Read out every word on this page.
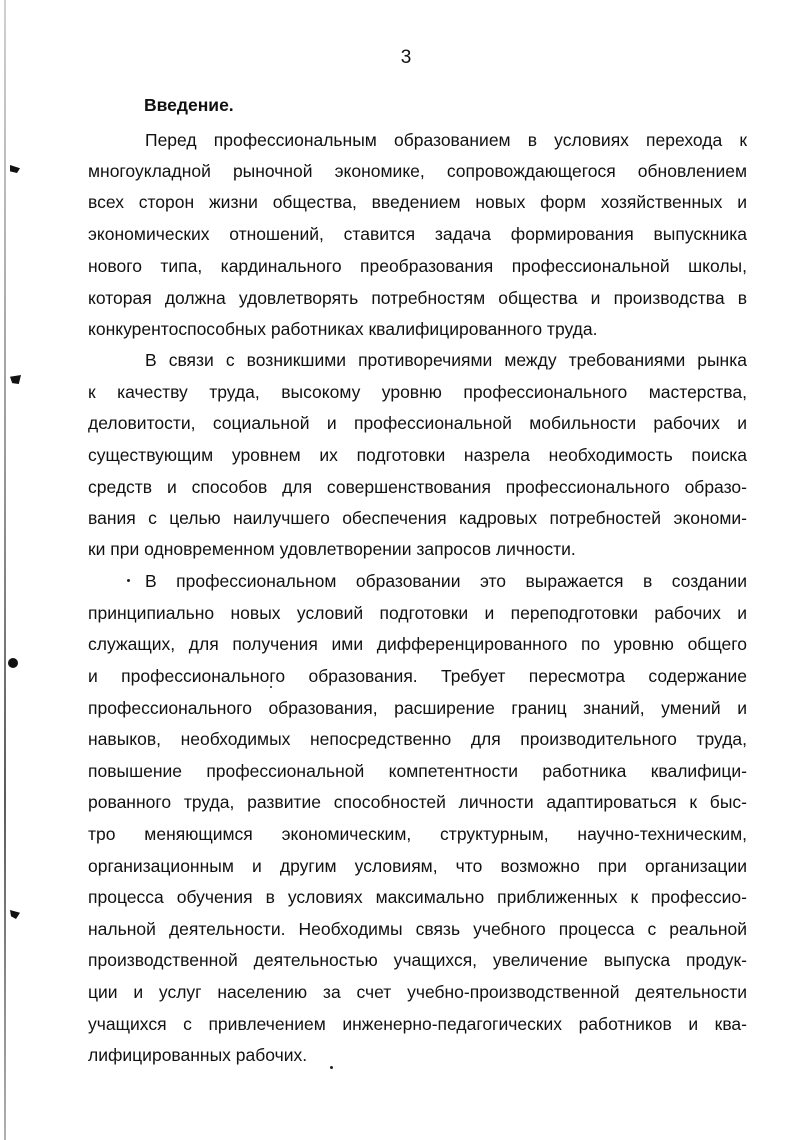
3
Введение.
Перед профессиональным образованием в условиях перехода к
многоукладной рыночной экономике, сопровождающегося обновлением
всех сторон жизни общества, введением новых форм хозяйственных и
экономических отношений, ставится задача формирования выпускника
нового типа, кардинального преобразования профессиональной школы,
которая должна удовлетворять потребностям общества и производства в
конкурентоспособных работниках квалифицированного труда.
В связи с возникшими противоречиями между требованиями рынка
к качеству труда, высокому уровню профессионального мастерства,
деловитости, социальной и профессиональной мобильности рабочих и
существующим уровнем их подготовки назрела необходимость поиска
средств и способов для совершенствования профессионального образо-
вания с целью наилучшего обеспечения кадровых потребностей экономи-
ки при одновременном удовлетворении запросов личности.
В профессиональном образовании это выражается в создании
принципиально новых условий подготовки и переподготовки рабочих и
служащих, для получения ими дифференцированного по уровню общего
и профессионального образования. Требует пересмотра содержание
профессионального образования, расширение границ знаний, умений и
навыков, необходимых непосредственно для производительного труда,
повышение профессиональной компетентности работника квалифици-
рованного труда, развитие способностей личности адаптироваться к быс-
тро меняющимся экономическим, структурным, научно-техническим,
организационным и другим условиям, что возможно при организации
процесса обучения в условиях максимально приближенных к профессио-
нальной деятельности. Необходимы связь учебного процесса с реальной
производственной деятельностью учащихся, увеличение выпуска продук-
ции и услуг населению за счет учебно-производственной деятельности
учащихся с привлечением инженерно-педагогических работников и ква-
лифицированных рабочих.
